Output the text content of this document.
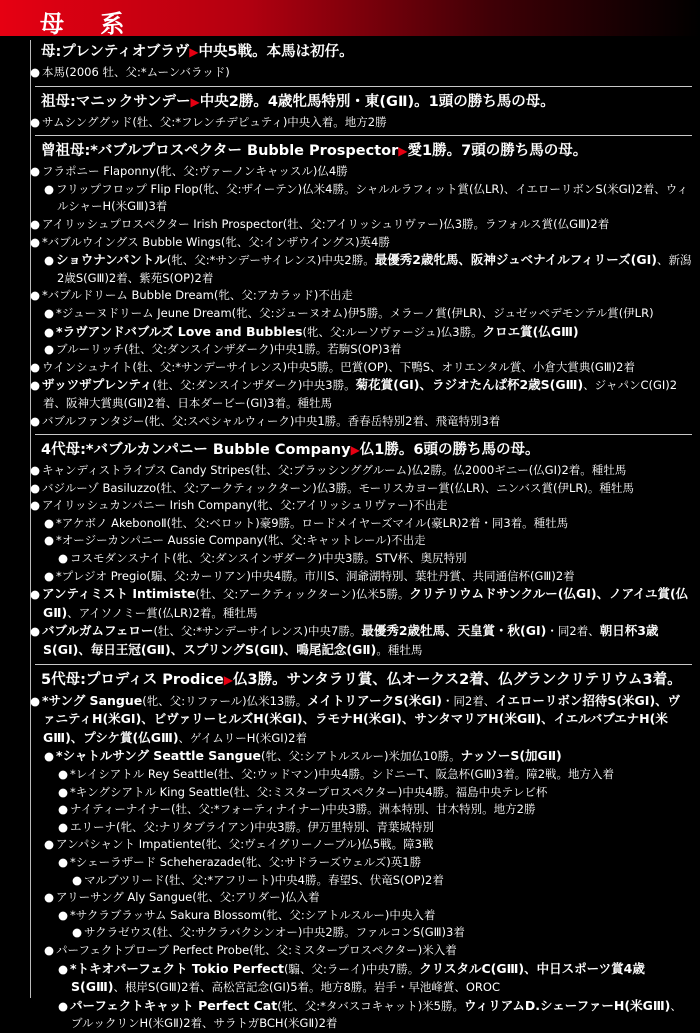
母 系
母:プレンティオブラヴ▶中央5戦。本馬は初仔。
● 本馬(2006 牡、父:*ムーンバラッド)
祖母:マニックサンデー▶中央2勝。4歳牝馬特別・東(GⅡ)。1頭の勝ち馬の母。
● サムシンググッド(牡、父:*フレンチデピュティ)中央入着。地方2勝
曾祖母:*バブルプロスペクター Bubble Prospector▶愛1勝。7頭の勝ち馬の母。
● フラポニー Flaponny(牝、父:ヴァーノンキャッスル)仏4勝
● フリップフロップ Flip Flop(牝、父:ザイーテン)仏米4勝。シャルルラフィット賞(仏LR)、イエローリボンS(米GI)2着、ウィルシャーH(米GⅢ)3着
● アイリッシュプロスペクター Irish Prospector(牡、父:アイリッシュリヴァー)仏3勝。ラフォルス賞(仏GⅢ)2着
● *バブルウイングス Bubble Wings(牝、父:インザウイングス)英4勝
● ショウナンパントル(牝、父:*サンデーサイレンス)中央2勝。最優秀2歳牝馬、阪神ジュベナイルフィリーズ(GI)、新潟2歳S(GⅢ)2着、紫苑S(OP)2着
● *バブルドリーム Bubble Dream(牝、父:アカラッド)不出走
● *ジューヌドリーム Jeune Dream(牝、父:ジューヌオム)伊5勝。メラーノ賞(伊LR)、ジュゼッペデモンテル賞(伊LR)
● *ラヴアンドバブルズ Love and Bubbles(牝、父:ルーソヴァージュ)仏3勝。クロエ賞(仏GⅢ)
● ブルーリッチ(牡、父:ダンスインザダーク)中央1勝。若駒S(OP)3着
● ウインシュナイト(牡、父:*サンデーサイレンス)中央5勝。巴賞(OP)、下鴨S、オリエンタル賞、小倉大賞典(GⅢ)2着
● ザッツザプレンティ(牡、父:ダンスインザダーク)中央3勝。菊花賞(GI)、ラジオたんぱ杯2歳S(GⅢ)、ジャパンC(GI)2着、阪神大賞典(GⅡ)2着、日本ダービー(GI)3着。種牡馬
● バブルファンタジー(牝、父:スペシャルウィーク)中央1勝。香春岳特別2着、飛竜特別3着
4代母:*バブルカンパニー Bubble Company▶仏1勝。6頭の勝ち馬の母。
● キャンディストライプス Candy Stripes(牡、父:ブラッシンググルーム)仏2勝。仏2000ギニー(仏GI)2着。種牡馬
● バジルーゾ Basiluzzo(牡、父:アークティックターン)仏3勝。モーリスカヨー賞(仏LR)、ニンバス賞(伊LR)。種牡馬
● アイリッシュカンパニー Irish Company(牝、父:アイリッシュリヴァー)不出走
● *アケボノ AkebonoⅡ(牡、父:ベロット)豪9勝。ロードメイヤーズマイル(豪LR)2着・同3着。種牡馬
● *オージーカンパニー Aussie Company(牝、父:キャットレール)不出走
● コスモダンスナイト(牝、父:ダンスインザダーク)中央3勝。STV杯、奥尻特別
● *プレジオ Pregio(騸、父:カーリアン)中央4勝。市川S、洞爺湖特別、葉牡丹賞、共同通信杯(GⅢ)2着
● アンティミスト Intimiste(牡、父:アークティックターン)仏米5勝。クリテリウムドサンクルー(仏GI)、ノアイユ賞(仏GⅡ)、アイソノミー賞(仏LR)2着。種牡馬
● バブルガムフェロー(牡、父:*サンデーサイレンス)中央7勝。最優秀2歳牡馬、天皇賞・秋(GI)・同2着、朝日杯3歳S(GI)、毎日王冠(GⅡ)、スプリングS(GⅡ)、鳴尾記念(GⅡ)。種牡馬
5代母:プロディス Prodice▶仏3勝。サンタラリ賞、仏オークス2着、仏グランクリテリウム3着。
● *サング Sangue(牝、父:リファール)仏米13勝。メイトリアークS(米GI)・同2着、イエローリボン招待S(米GI)、ヴァニティH(米GI)、ビヴァリーヒルズH(米GI)、ラモナH(米GI)、サンタマリアH(米GⅡ)、イエルバブエナH(米GⅢ)、プシケ賞(仏GⅢ)、ゲイムリーH(米GI)2着
● *シャトルサング Seattle Sangue(牝、父:シアトルスルー)米加仏10勝。ナッソーS(加GⅡ)
● *レイシアトル Rey Seattle(牡、父:ウッドマン)中央4勝。シドニーT、阪急杯(GⅢ)3着。障2戦。地方入着
● *キングシアトル King Seattle(牡、父:ミスタープロスペクター)中央4勝。福島中央テレビ杯
● ナイティーナイナー(牡、父:*フォーティナイナー)中央3勝。洲本特別、甘木特別。地方2勝
● エリーナ(牝、父:ナリタブライアン)中央3勝。伊万里特別、青葉城特別
● アンパシャント Impatiente(牝、父:ヴェイグリーノーブル)仏5戦。障3戦
● *シェーラザード Scheherazade(牝、父:サドラーズウェルズ)英1勝
● マルブツリード(牡、父:*アフリート)中央4勝。春望S、伏竜S(OP)2着
● アリーサング Aly Sangue(牝、父:アリダー)仏入着
● *サクラブラッサム Sakura Blossom(牝、父:シアトルスルー)中央入着
● サクラゼウス(牡、父:サクラバクシンオー)中央2勝。ファルコンS(GⅢ)3着
● パーフェクトプローブ Perfect Probe(牝、父:ミスタープロスペクター)米入着
● *トキオパーフェクト Tokio Perfect(騸、父:ラーイ)中央7勝。クリスタルC(GⅢ)、中日スポーツ賞4歳S(GⅢ)、根岸S(GⅢ)2着、高松宮記念(GI)5着。地方8勝。岩手・早池峰賞、OROC
● パーフェクトキャット Perfect Cat(牝、父:*タバスコキャット)米5勝。ウィリアムD.シェーファーH(米GⅢ)、ブルックリンH(米GⅡ)2着、サラトガBCH(米GⅡ)2着
